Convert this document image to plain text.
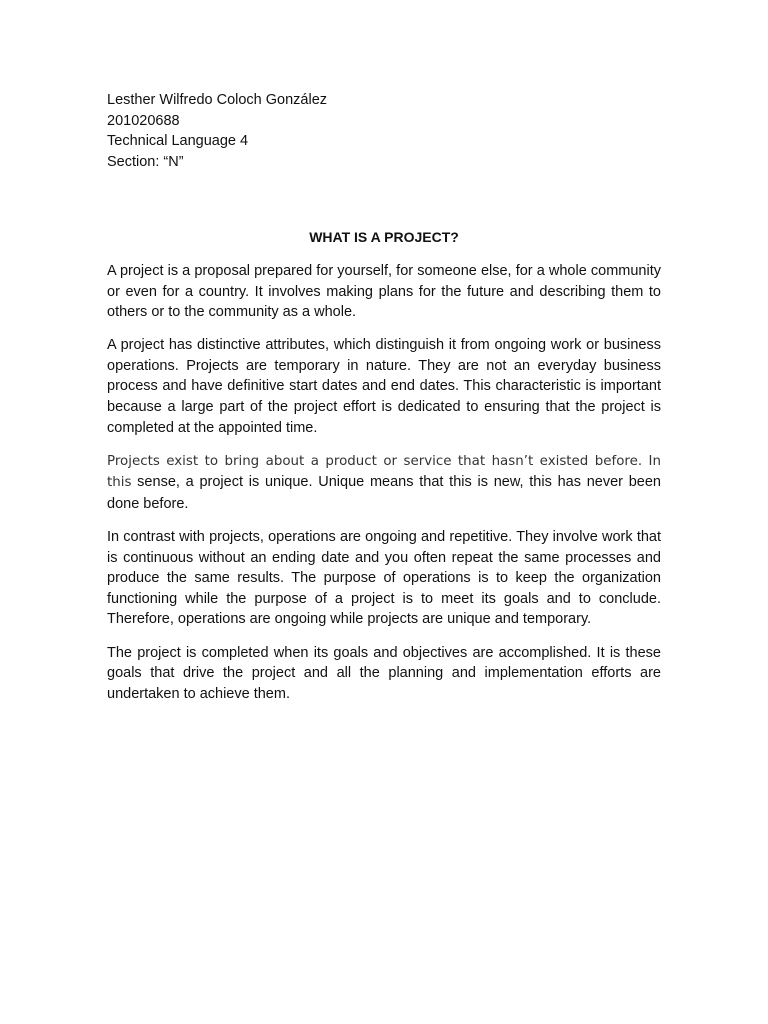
Lesther Wilfredo Coloch González
201020688
Technical Language 4
Section: “N”
WHAT IS A PROJECT?

A project is a proposal prepared for yourself, for someone else, for a whole community or even for a country. It involves making plans for the future and describing them to others or to the community as a whole.

A project has distinctive attributes, which distinguish it from ongoing work or business operations. Projects are temporary in nature. They are not an everyday business process and have definitive start dates and end dates. This characteristic is important because a large part of the project effort is dedicated to ensuring that the project is completed at the appointed time.

Projects exist to bring about a product or service that hasn’t existed before. In this sense, a project is unique. Unique means that this is new, this has never been done before.

In contrast with projects, operations are ongoing and repetitive. They involve work that is continuous without an ending date and you often repeat the same processes and produce the same results. The purpose of operations is to keep the organization functioning while the purpose of a project is to meet its goals and to conclude. Therefore, operations are ongoing while projects are unique and temporary.

The project is completed when its goals and objectives are accomplished. It is these goals that drive the project and all the planning and implementation efforts are undertaken to achieve them.
